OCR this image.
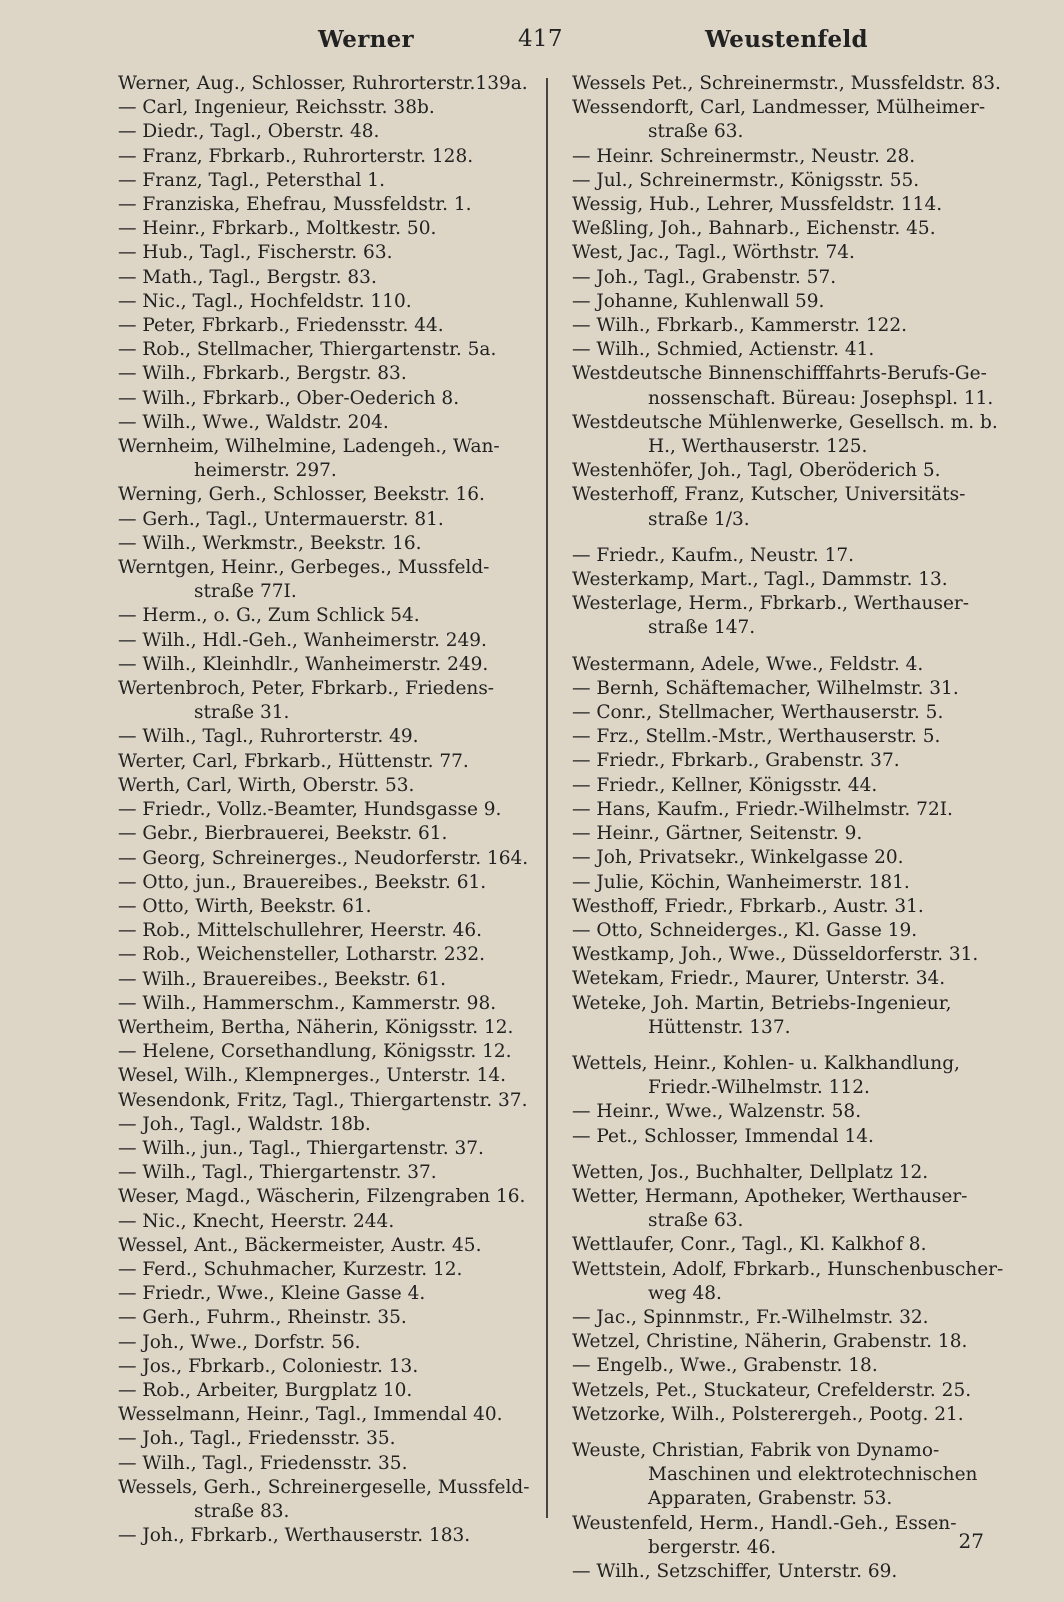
Werner	417	Weustenfeld
Werner, Aug., Schlosser, Ruhrorterstr.139a.
— Carl, Ingenieur, Reichsstr. 38b.
— Diedr., Tagl., Oberstr. 48.
— Franz, Fbrkarb., Ruhrorterstr. 128.
— Franz, Tagl., Petersthal 1.
— Franziska, Ehefrau, Mussfeldstr. 1.
— Heinr., Fbrkarb., Moltkestr. 50.
— Hub., Tagl., Fischerstr. 63.
— Math., Tagl., Bergstr. 83.
— Nic., Tagl., Hochfeldstr. 110.
— Peter, Fbrkarb., Friedensstr. 44.
— Rob., Stellmacher, Thiergartenstr. 5a.
— Wilh., Fbrkarb., Bergstr. 83.
— Wilh., Fbrkarb., Ober-Oederich 8.
— Wilh., Wwe., Waldstr. 204.
Wernheim, Wilhelmine, Ladengeh., Wan-
heimerstr. 297.
Werning, Gerh., Schlosser, Beekstr. 16.
— Gerh., Tagl., Untermauerstr. 81.
— Wilh., Werkmstr., Beekstr. 16.
Werntgen, Heinr., Gerbeges., Mussfeld-
straße 77I.
— Herm., o. G., Zum Schlick 54.
— Wilh., Hdl.-Geh., Wanheimerstr. 249.
— Wilh., Kleinhdlr., Wanheimerstr. 249.
Wertenbroch, Peter, Fbrkarb., Friedens-
straße 31.
— Wilh., Tagl., Ruhrorterstr. 49.
Werter, Carl, Fbrkarb., Hüttenstr. 77.
Werth, Carl, Wirth, Oberstr. 53.
— Friedr., Vollz.-Beamter, Hundsgasse 9.
— Gebr., Bierbrauerei, Beekstr. 61.
— Georg, Schreinerges., Neudorferstr. 164.
— Otto, jun., Brauereibes., Beekstr. 61.
— Otto, Wirth, Beekstr. 61.
— Rob., Mittelschullehrer, Heerstr. 46.
— Rob., Weichensteller, Lotharstr. 232.
— Wilh., Brauereibes., Beekstr. 61.
— Wilh., Hammerschm., Kammerstr. 98.
Wertheim, Bertha, Näherin, Königsstr. 12.
— Helene, Corsethandlung, Königsstr. 12.
Wesel, Wilh., Klempnerges., Unterstr. 14.
Wesendonk, Fritz, Tagl., Thiergartenstr. 37.
— Joh., Tagl., Waldstr. 18b.
— Wilh., jun., Tagl., Thiergartenstr. 37.
— Wilh., Tagl., Thiergartenstr. 37.
Weser, Magd., Wäscherin, Filzengraben 16.
— Nic., Knecht, Heerstr. 244.
Wessel, Ant., Bäckermeister, Austr. 45.
— Ferd., Schuhmacher, Kurzestr. 12.
— Friedr., Wwe., Kleine Gasse 4.
— Gerh., Fuhrm., Rheinstr. 35.
— Joh., Wwe., Dorfstr. 56.
— Jos., Fbrkarb., Coloniestr. 13.
— Rob., Arbeiter, Burgplatz 10.
Wesselmann, Heinr., Tagl., Immendal 40.
— Joh., Tagl., Friedensstr. 35.
— Wilh., Tagl., Friedensstr. 35.
Wessels, Gerh., Schreinergeselle, Mussfeld-
straße 83.
— Joh., Fbrkarb., Werthauserstr. 183.
Wessels Pet., Schreinermstr., Mussfeldstr. 83.
Wessendorft, Carl, Landmesser, Mülheimer-
straße 63.
— Heinr. Schreinermstr., Neustr. 28.
— Jul., Schreinermstr., Königsstr. 55.
Wessig, Hub., Lehrer, Mussfeldstr. 114.
Weßling, Joh., Bahnarb., Eichenstr. 45.
West, Jac., Tagl., Wörthstr. 74.
— Joh., Tagl., Grabenstr. 57.
— Johanne, Kuhlenwall 59.
— Wilh., Fbrkarb., Kammerstr. 122.
— Wilh., Schmied, Actienstr. 41.
Westdeutsche Binnenschifffahrts-Berufs-Ge-
nossenschaft. Büreau: Josephspl. 11.
Westdeutsche Mühlenwerke, Gesellsch. m. b.
H., Werthauserstr. 125.
Westenhöfer, Joh., Tagl, Oberöderich 5.
Westerhoff, Franz, Kutscher, Universitäts-
straße 1/3.
— Friedr., Kaufm., Neustr. 17.
Westerkamp, Mart., Tagl., Dammstr. 13.
Westerlage, Herm., Fbrkarb., Werthauser-
straße 147.
Westermann, Adele, Wwe., Feldstr. 4.
— Bernh, Schäftemacher, Wilhelmstr. 31.
— Conr., Stellmacher, Werthauserstr. 5.
— Frz., Stellm.-Mstr., Werthauserstr. 5.
— Friedr., Fbrkarb., Grabenstr. 37.
— Friedr., Kellner, Königsstr. 44.
— Hans, Kaufm., Friedr.-Wilhelmstr. 72I.
— Heinr., Gärtner, Seitenstr. 9.
— Joh, Privatsekr., Winkelgasse 20.
— Julie, Köchin, Wanheimerstr. 181.
Westhoff, Friedr., Fbrkarb., Austr. 31.
— Otto, Schneiderges., Kl. Gasse 19.
Westkamp, Joh., Wwe., Düsseldorferstr. 31.
Wetekam, Friedr., Maurer, Unterstr. 34.
Weteke, Joh. Martin, Betriebs-Ingenieur,
Hüttenstr. 137.
Wettels, Heinr., Kohlen- u. Kalkhandlung,
Friedr.-Wilhelmstr. 112.
— Heinr., Wwe., Walzenstr. 58.
— Pet., Schlosser, Immendal 14.
Wetten, Jos., Buchhalter, Dellplatz 12.
Wetter, Hermann, Apotheker, Werthauser-
straße 63.
Wettlaufer, Conr., Tagl., Kl. Kalkhof 8.
Wettstein, Adolf, Fbrkarb., Hunschenbuscher-
weg 48.
— Jac., Spinnmstr., Fr.-Wilhelmstr. 32.
Wetzel, Christine, Näherin, Grabenstr. 18.
— Engelb., Wwe., Grabenstr. 18.
Wetzels, Pet., Stuckateur, Crefelderstr. 25.
Wetzorke, Wilh., Polsterergeh., Pootg. 21.
Weuste, Christian, Fabrik von Dynamo-
Maschinen und elektrotechnischen
Apparaten, Grabenstr. 53.
Weustenfeld, Herm., Handl.-Geh., Essen-
bergerstr. 46.
— Wilh., Setzschiffer, Unterstr. 69.
27
